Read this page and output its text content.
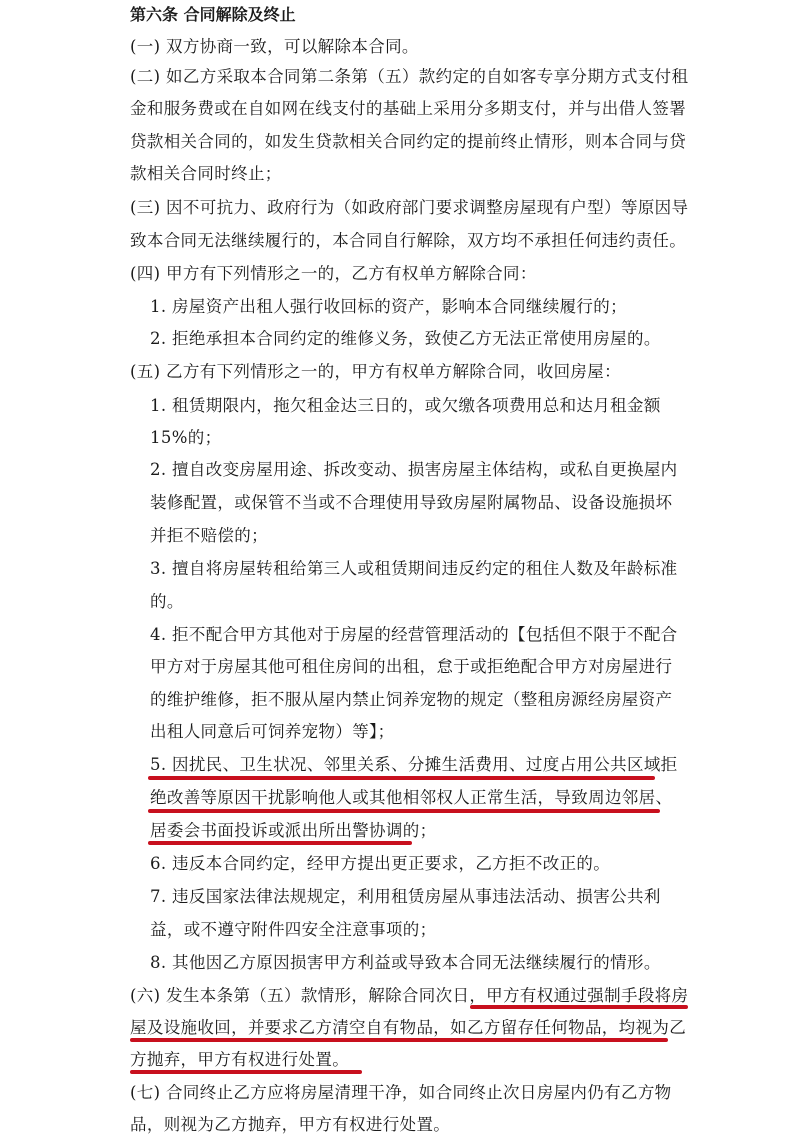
第六条 合同解除及终止
(一) 双方协商一致，可以解除本合同。
(二) 如乙方采取本合同第二条第（五）款约定的自如客专享分期方式支付租
金和服务费或在自如网在线支付的基础上采用分多期支付，并与出借人签署
贷款相关合同的，如发生贷款相关合同约定的提前终止情形，则本合同与贷
款相关合同时终止；
(三) 因不可抗力、政府行为（如政府部门要求调整房屋现有户型）等原因导
致本合同无法继续履行的，本合同自行解除，双方均不承担任何违约责任。
(四) 甲方有下列情形之一的，乙方有权单方解除合同：
1. 房屋资产出租人强行收回标的资产，影响本合同继续履行的；
2. 拒绝承担本合同约定的维修义务，致使乙方无法正常使用房屋的。
(五) 乙方有下列情形之一的，甲方有权单方解除合同，收回房屋：
1. 租赁期限内，拖欠租金达三日的，或欠缴各项费用总和达月租金额
15%的；
2. 擅自改变房屋用途、拆改变动、损害房屋主体结构，或私自更换屋内
装修配置，或保管不当或不合理使用导致房屋附属物品、设备设施损坏
并拒不赔偿的；
3. 擅自将房屋转租给第三人或租赁期间违反约定的租住人数及年龄标准
的。
4. 拒不配合甲方其他对于房屋的经营管理活动的【包括但不限于不配合
甲方对于房屋其他可租住房间的出租，怠于或拒绝配合甲方对房屋进行
的维护维修，拒不服从屋内禁止饲养宠物的规定（整租房源经房屋资产
出租人同意后可饲养宠物）等】；
5. 因扰民、卫生状况、邻里关系、分摊生活费用、过度占用公共区域拒
绝改善等原因干扰影响他人或其他相邻权人正常生活，导致周边邻居、
居委会书面投诉或派出所出警协调的；
6. 违反本合同约定，经甲方提出更正要求，乙方拒不改正的。
7. 违反国家法律法规规定，利用租赁房屋从事违法活动、损害公共利
益，或不遵守附件四安全注意事项的；
8. 其他因乙方原因损害甲方利益或导致本合同无法继续履行的情形。
(六) 发生本条第（五）款情形，解除合同次日，甲方有权通过强制手段将房
屋及设施收回，并要求乙方清空自有物品，如乙方留存任何物品，均视为乙
方抛弃，甲方有权进行处置。
(七) 合同终止乙方应将房屋清理干净，如合同终止次日房屋内仍有乙方物
品，则视为乙方抛弃，甲方有权进行处置。
